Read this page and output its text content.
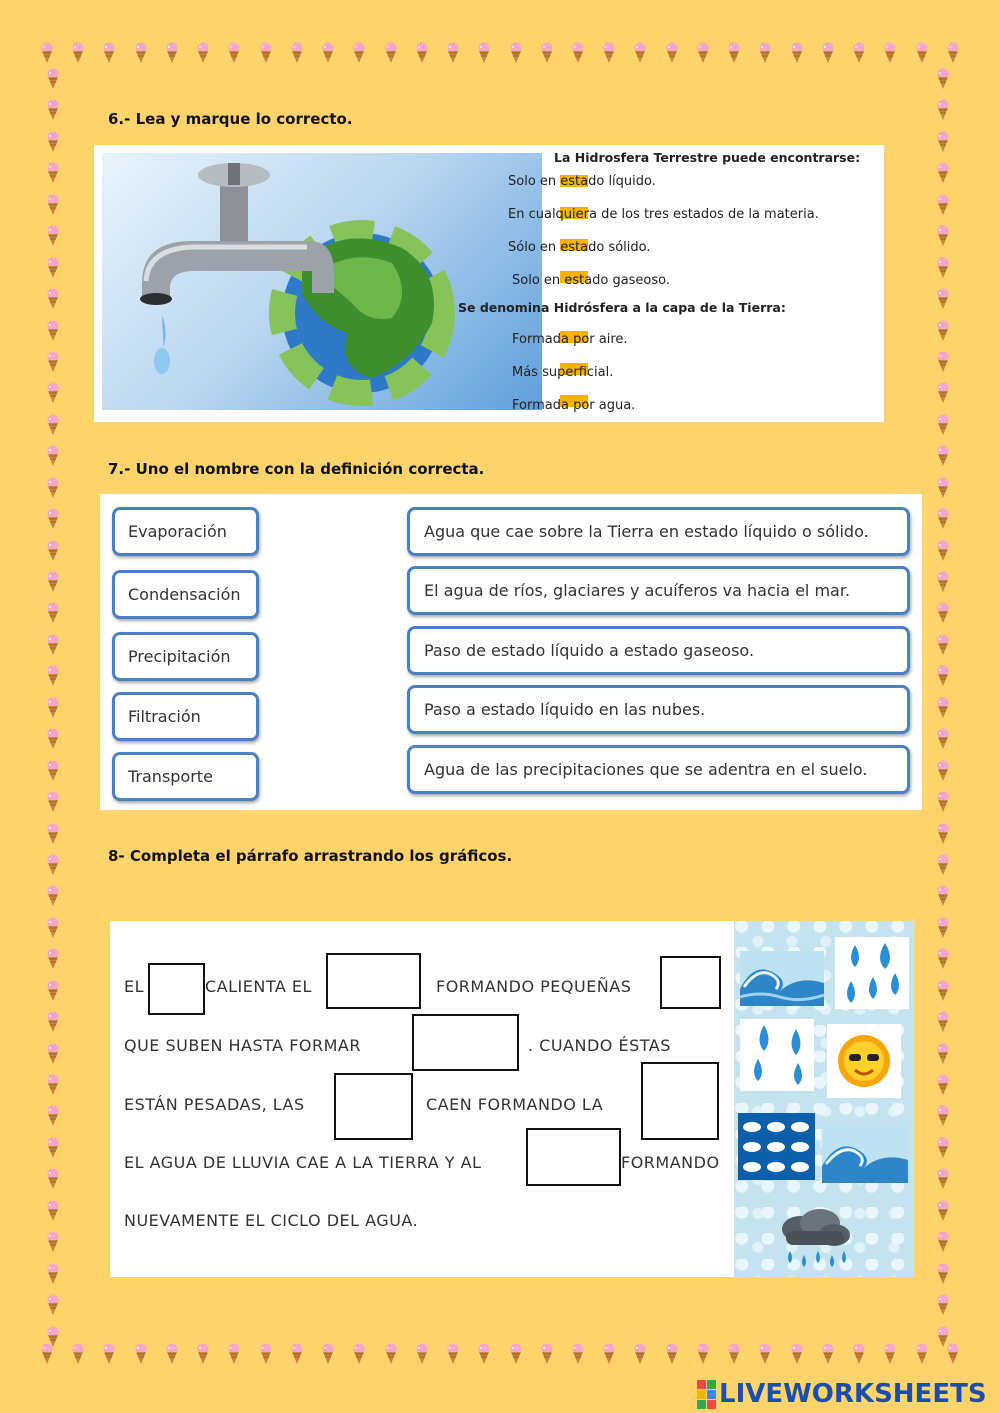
6.- Lea y marque lo correcto.
La Hidrosfera Terrestre puede encontrarse:
Solo en estado líquido.
En cualquiera de los tres estados de la materia.
Sólo en estado sólido.
Solo en estado gaseoso.
Se denomina Hidrósfera a la capa de la Tierra:
Formada por aire.
Más superficial.
Formada por agua.
7.- Uno el nombre con la definición correcta.
Evaporación
Condensación
Precipitación
Filtración
Transporte
Agua que cae sobre la Tierra en estado líquido o sólido.
El agua de ríos, glaciares y acuíferos va hacia el mar.
Paso de estado líquido a estado gaseoso.
Paso a estado líquido en las nubes.
Agua de las precipitaciones que se adentra en el suelo.
8- Completa el párrafo arrastrando los gráficos.
EL	CALIENTA EL	FORMANDO PEQUEÑAS
QUE SUBEN HASTA FORMAR	. CUANDO ÉSTAS
ESTÁN PESADAS, LAS	CAEN FORMANDO LA
EL AGUA DE LLUVIA CAE A LA TIERRA Y AL	FORMANDO
NUEVAMENTE EL CICLO DEL AGUA.
LIVEWORKSHEETS
